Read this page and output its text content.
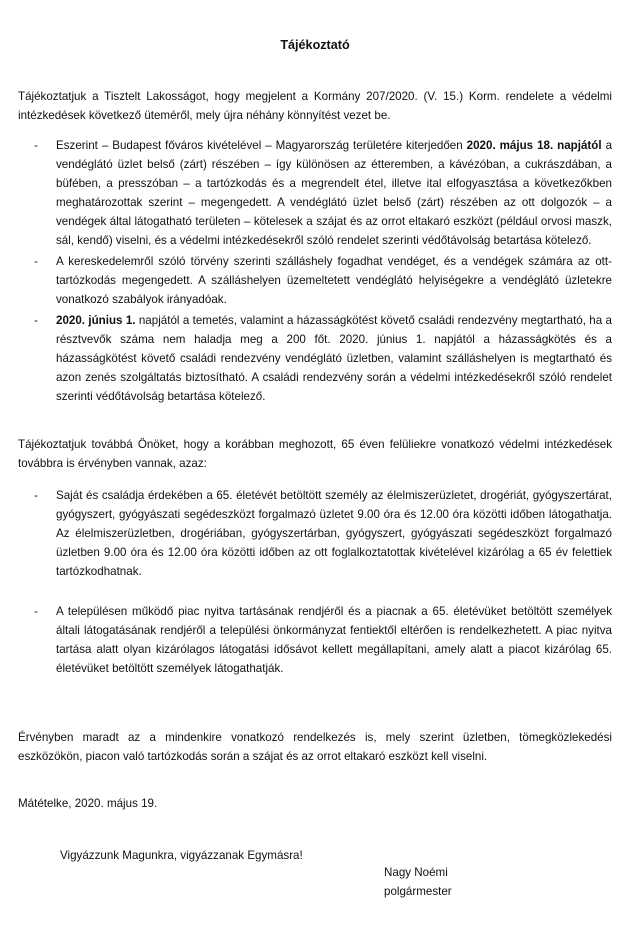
Tájékoztató
Tájékoztatjuk a Tisztelt Lakosságot, hogy megjelent a Kormány 207/2020. (V. 15.) Korm. rendelete a védelmi intézkedések következő üteméről, mely újra néhány könnyítést vezet be.
- Eszerint – Budapest főváros kivételével – Magyarország területére kiterjedően 2020. május 18. napjától a vendéglátó üzlet belső (zárt) részében – így különösen az étteremben, a kávézóban, a cukrászdában, a büfében, a presszóban – a tartózkodás és a megrendelt étel, illetve ital elfogyasztása a következőkben meghatározottak szerint – megengedett. A vendéglátó üzlet belső (zárt) részében az ott dolgozók – a vendégek által látogatható területen – kötelesek a szájat és az orrot eltakaró eszközt (például orvosi maszk, sál, kendő) viselni, és a védelmi intézkedésekről szóló rendelet szerinti védőtávolság betartása kötelező.
- A kereskedelemről szóló törvény szerinti szálláshely fogadhat vendéget, és a vendégek számára az ott-tartózkodás megengedett. A szálláshelyen üzemeltetett vendéglátó helyiségekre a vendéglátó üzletekre vonatkozó szabályok irányadóak.
- 2020. június 1. napjától a temetés, valamint a házasságkötést követő családi rendezvény megtartható, ha a résztvevők száma nem haladja meg a 200 főt. 2020. június 1. napjától a házasságkötés és a házasságkötést követő családi rendezvény vendéglátó üzletben, valamint szálláshelyen is megtartható és azon zenés szolgáltatás biztosítható. A családi rendezvény során a védelmi intézkedésekről szóló rendelet szerinti védőtávolság betartása kötelező.
Tájékoztatjuk továbbá Önöket, hogy a korábban meghozott, 65 éven felüliekre vonatkozó védelmi intézkedések továbbra is érvényben vannak, azaz:
- Saját és családja érdekében a 65. életévét betöltött személy az élelmiszerüzletet, drogériát, gyógyszertárat, gyógyszert, gyógyászati segédeszközt forgalmazó üzletet 9.00 óra és 12.00 óra közötti időben látogathatja. Az élelmiszerüzletben, drogériában, gyógyszertárban, gyógyszert, gyógyászati segédeszközt forgalmazó üzletben 9.00 óra és 12.00 óra közötti időben az ott foglalkoztatottak kivételével kizárólag a 65 év felettiek tartózkodhatnak.
- A településen működő piac nyitva tartásának rendjéről és a piacnak a 65. életévüket betöltött személyek általi látogatásának rendjéről a települési önkormányzat fentiektől eltérően is rendelkezhetett. A piac nyitva tartása alatt olyan kizárólagos látogatási idősávot kellett megállapítani, amely alatt a piacot kizárólag 65. életévüket betöltött személyek látogathatják.
Érvényben maradt az a mindenkire vonatkozó rendelkezés is, mely szerint üzletben, tömegközlekedési eszközökön, piacon való tartózkodás során a szájat és az orrot eltakaró eszközt kell viselni.
Mátételke, 2020. május 19.
Vigyázzunk Magunkra, vigyázzanak Egymásra!
Nagy Noémi
polgármester
